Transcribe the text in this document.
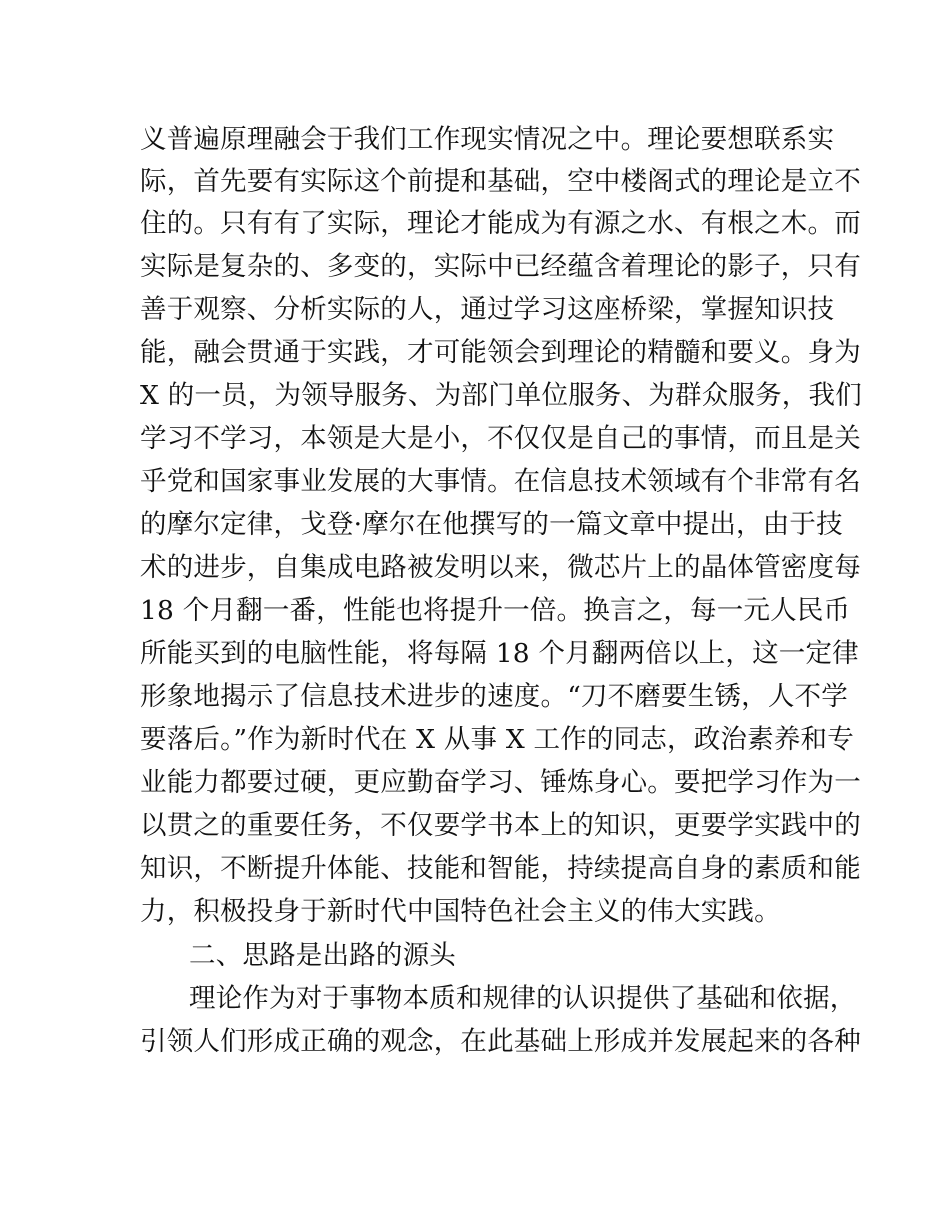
义普遍原理融会于我们工作现实情况之中。理论要想联系实
际，首先要有实际这个前提和基础，空中楼阁式的理论是立不
住的。只有有了实际，理论才能成为有源之水、有根之木。而
实际是复杂的、多变的，实际中已经蕴含着理论的影子，只有
善于观察、分析实际的人，通过学习这座桥梁，掌握知识技
能，融会贯通于实践，才可能领会到理论的精髓和要义。身为
X 的一员，为领导服务、为部门单位服务、为群众服务，我们
学习不学习，本领是大是小，不仅仅是自己的事情，而且是关
乎党和国家事业发展的大事情。在信息技术领域有个非常有名
的摩尔定律，戈登·摩尔在他撰写的一篇文章中提出，由于技
术的进步，自集成电路被发明以来，微芯片上的晶体管密度每
18 个月翻一番，性能也将提升一倍。换言之，每一元人民币
所能买到的电脑性能，将每隔 18 个月翻两倍以上，这一定律
形象地揭示了信息技术进步的速度。“刀不磨要生锈，人不学
要落后。”作为新时代在 X 从事 X 工作的同志，政治素养和专
业能力都要过硬，更应勤奋学习、锤炼身心。要把学习作为一
以贯之的重要任务，不仅要学书本上的知识，更要学实践中的
知识，不断提升体能、技能和智能，持续提高自身的素质和能
力，积极投身于新时代中国特色社会主义的伟大实践。
二、思路是出路的源头
理论作为对于事物本质和规律的认识提供了基础和依据，
引领人们形成正确的观念，在此基础上形成并发展起来的各种
